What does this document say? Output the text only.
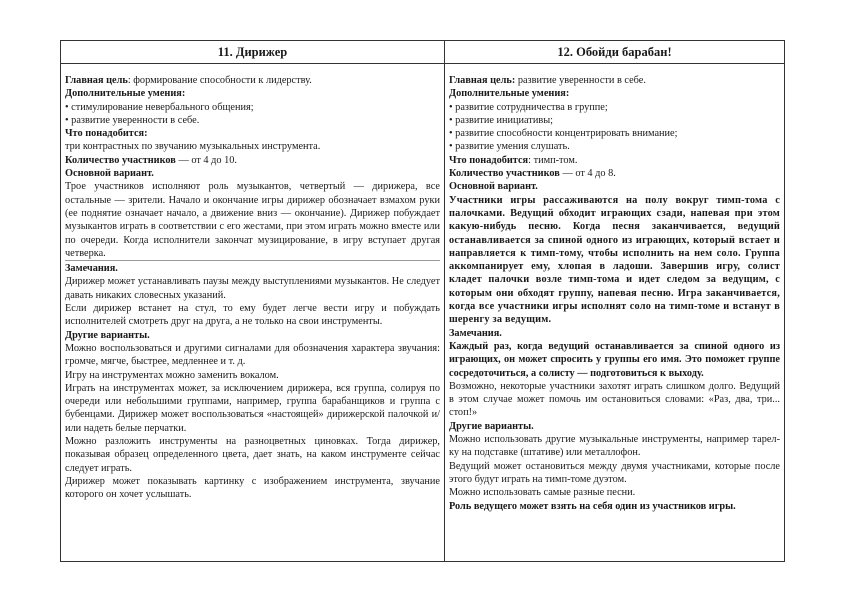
11. Дирижер

Главная цель: формирование способности к лидерству.

Дополнительные умения:

• стимулирование невербального общения;

• развитие уверенности в себе.

Что понадобится:

три контрастных по звучанию музыкальных инструмента.

Количество участников — от 4 до 10.

Основной вариант.

Трое участников исполняют роль музыкантов, четвертый — дирижера, все остальные — зрители. Начало и окончание игры дирижер обозначает взмахом руки (ее поднятие означает начало, а движение вниз — окончание). Дирижер побуждает музыкантов играть в соответствии с его жестами, при этом играть можно вместе или по очереди. Когда исполнители закончат музицирование, в игру вступает другая четверка.

Замечания.

Дирижер может устанавливать паузы между выступлениями музыкантов. Не следует давать никаких словесных указаний.

Если дирижер встанет на стул, то ему будет легче вести игру и побуждать исполнителей смотреть друг на друга, а не только на свои инструменты.

Другие варианты.

Можно воспользоваться и другими сигналами для обозначения характера звучания: громче, мягче, быстрее, медленнее и т. д.

Игру на инструментах можно заменить вокалом.

Играть на инструментах может, за исключением дирижера, вся группа, солируя по очереди или небольшими группами, например, группа барабанщиков и группа с бубенцами. Дирижер может воспользоваться «настоящей» дирижерской палочкой и/или надеть белые перчатки.

Можно разложить инструменты на разноцветных циновках. Тогда дирижер, показывая образец определенного цвета, дает знать, на каком инструменте сейчас следует играть.

Дирижер может показывать картинку с изображением инструмента, звучание которого он хочет услышать.

12. Обойди барабан!

Главная цель: развитие уверенности в себе.

Дополнительные умения:

• развитие сотрудничества в группе;

• развитие инициативы;

• развитие способности концентрировать внимание;

• развитие умения слушать.

Что понадобится: тимп-том.

Количество участников — от 4 до 8.

Основной вариант.

Участники игры рассаживаются на полу вокруг тимп-тома с палочками. Ведущий обходит играющих сзади, напевая при этом какую-нибудь песню. Когда песня заканчивается, ведущий останавливается за спиной одного из играющих, который встает и направляется к тимп-тому, чтобы исполнить на нем соло. Группа аккомпанирует ему, хлопая в ладоши. Завершив игру, солист кладет палочки возле тимп-тома и идет следом за ведущим, с которым они обходят группу, напевая песню. Игра заканчивается, когда все участники игры исполнят соло на тимп-томе и встанут в шеренгу за ведущим.

Замечания.

Каждый раз, когда ведущий останавливается за спиной одного из играющих, он может спросить у группы его имя. Это поможет группе сосредоточиться, а солисту — подготовиться к выходу.

Возможно, некоторые участники захотят играть слишком долго. Ведущий в этом случае может помочь им остановиться словами: «Раз, два, три... стоп!»

Другие варианты.

Можно использовать другие музыкальные инструменты, например тарел-ку на подставке (штативе) или металлофон.

Ведущий может остановиться между двумя участниками, которые после этого будут играть на тимп-томе дуэтом.

Можно использовать самые разные песни.

Роль ведущего может взять на себя один из участников игры.
